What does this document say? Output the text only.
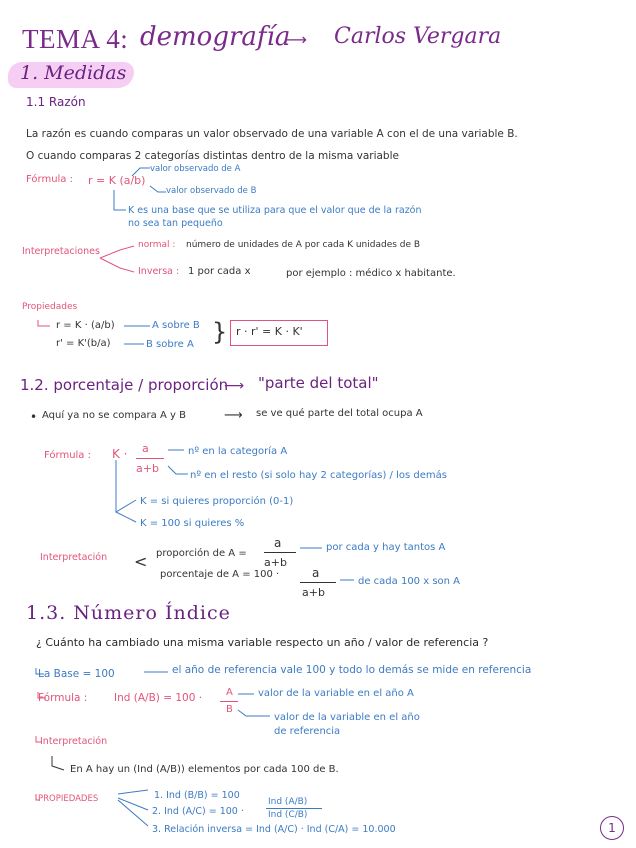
TEMA 4: demografía
⟶ Carlos Vergara
1. Medidas
1.1 Razón
La razón es cuando comparas un valor observado de una variable A con el de una variable B.
O cuando comparas 2 categorías distintas dentro de la misma variable
Fórmula : r = K (a/b)
valor observado de A
valor observado de B
K es una base que se utiliza para que el valor que de la razón
no sea tan pequeño
Interpretaciones
normal : número de unidades de A por cada K unidades de B
Inversa : 1 por cada x	por ejemplo : médico x habitante.
Propiedades
r = K · (a/b)	A sobre B
r' = K'(b/a)	B sobre A } r · r' = K · K'
1.2. porcentaje / proporción
⟶ "parte del total"
• Aquí ya no se compara A y B	⟶ se ve qué parte del total ocupa A
Fórmula : K · a
a+b
nº en la categoría A
nº en el resto (si solo hay 2 categorías) / los demás
K = si quieres proporción (0-1)
K = 100 si quieres %
Interpretación < proporción de A =
a
a+b
por cada y hay tantos A
porcentaje de A = 100 ·	a
a+b
de cada 100 x son A
1.3. Número Índice
¿ Cuánto ha cambiado una misma variable respecto un año / valor de referencia ?
La Base = 100	el año de referencia vale 100 y todo lo demás se mide en referencia
Fórmula :	Ind (A/B) = 100 · A
B
valor de la variable en el año A
valor de la variable en el año
de referencia
Interpretación
En A hay un (Ind (A/B)) elementos por cada 100 de B.
PROPIEDADES	1. Ind (B/B) = 100
2. Ind (A/C) = 100 ·
Ind (A/B)
Ind (C/B)
3. Relación inversa = Ind (A/C) · Ind (C/A) = 10.000	1
